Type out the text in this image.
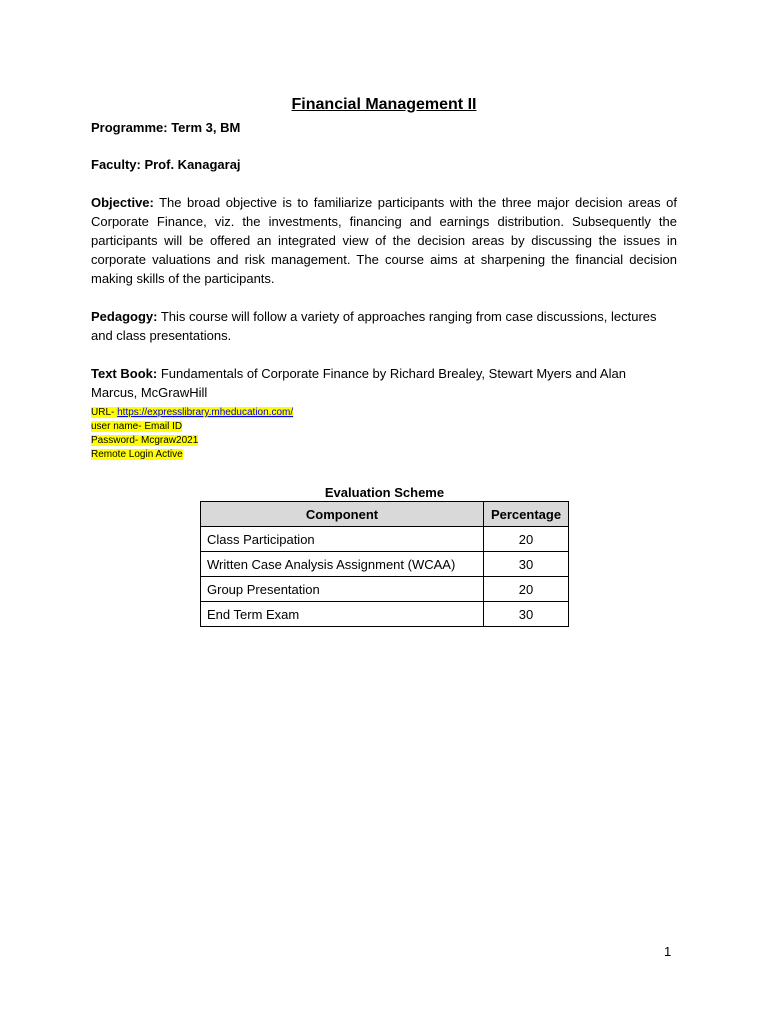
Financial Management II
Programme: Term 3, BM
Faculty: Prof. Kanagaraj
Objective: The broad objective is to familiarize participants with the three major decision areas of Corporate Finance, viz. the investments, financing and earnings distribution. Subsequently the participants will be offered an integrated view of the decision areas by discussing the issues in corporate valuations and risk management. The course aims at sharpening the financial decision making skills of the participants.
Pedagogy: This course will follow a variety of approaches ranging from case discussions, lectures and class presentations.
Text Book: Fundamentals of Corporate Finance by Richard Brealey, Stewart Myers and Alan Marcus, McGrawHill
URL- https://expresslibrary.mheducation.com/
user name- Email ID
Password- Mcgraw2021
Remote Login Active
Evaluation Scheme
Component	Percentage
Class Participation	20
Written Case Analysis Assignment (WCAA)	30
Group Presentation	20
End Term Exam	30
1
